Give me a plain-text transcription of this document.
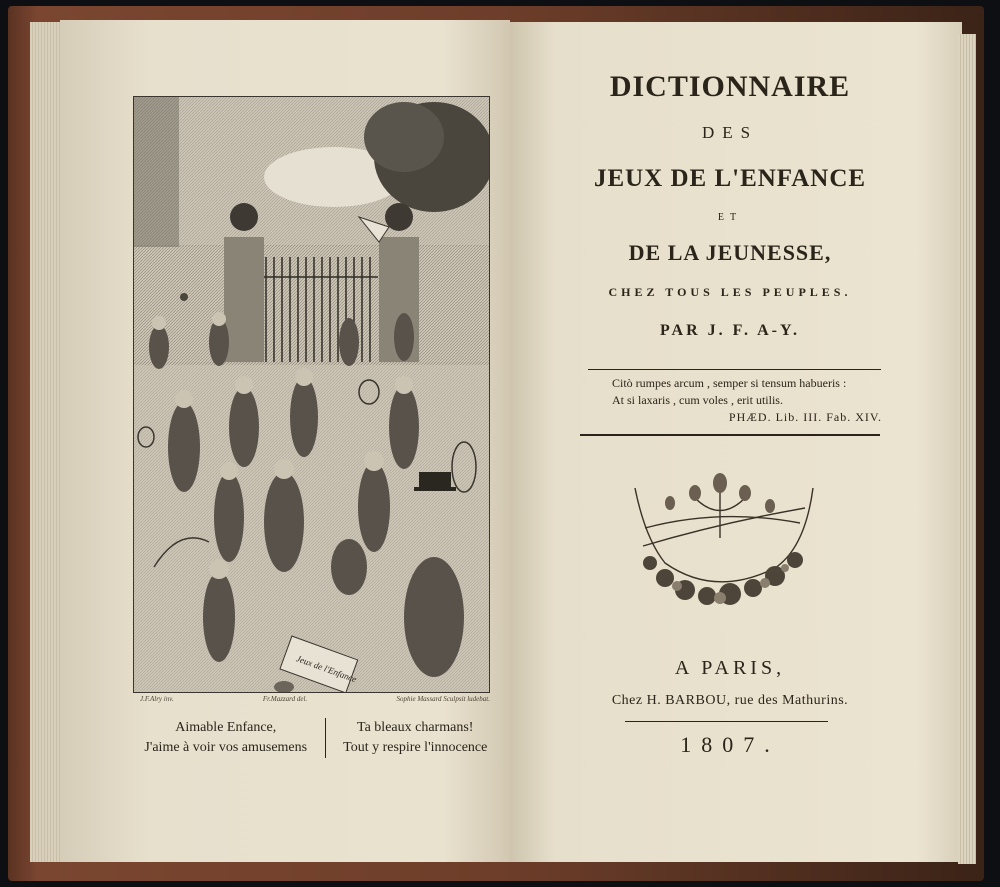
Jeux de l'Enfance
J.F.Alry inv.	Fr.Mazzard del.	Sophie Massard Sculpsit ludebat.
Aimable Enfance,
J'aime à voir vos amusemens
Ta bleaux charmans!
Tout y respire l'innocence
DICTIONNAIRE
DES
JEUX DE L'ENFANCE
ET
DE LA JEUNESSE,
CHEZ TOUS LES PEUPLES.
PAR J. F. A-Y.
Citò rumpes arcum , semper si tensum habueris :
At si laxaris , cum voles , erit utilis.
PHÆD. Lib. III. Fab. XIV.
A PARIS,
Chez H. BARBOU, rue des Mathurins.
1807.
